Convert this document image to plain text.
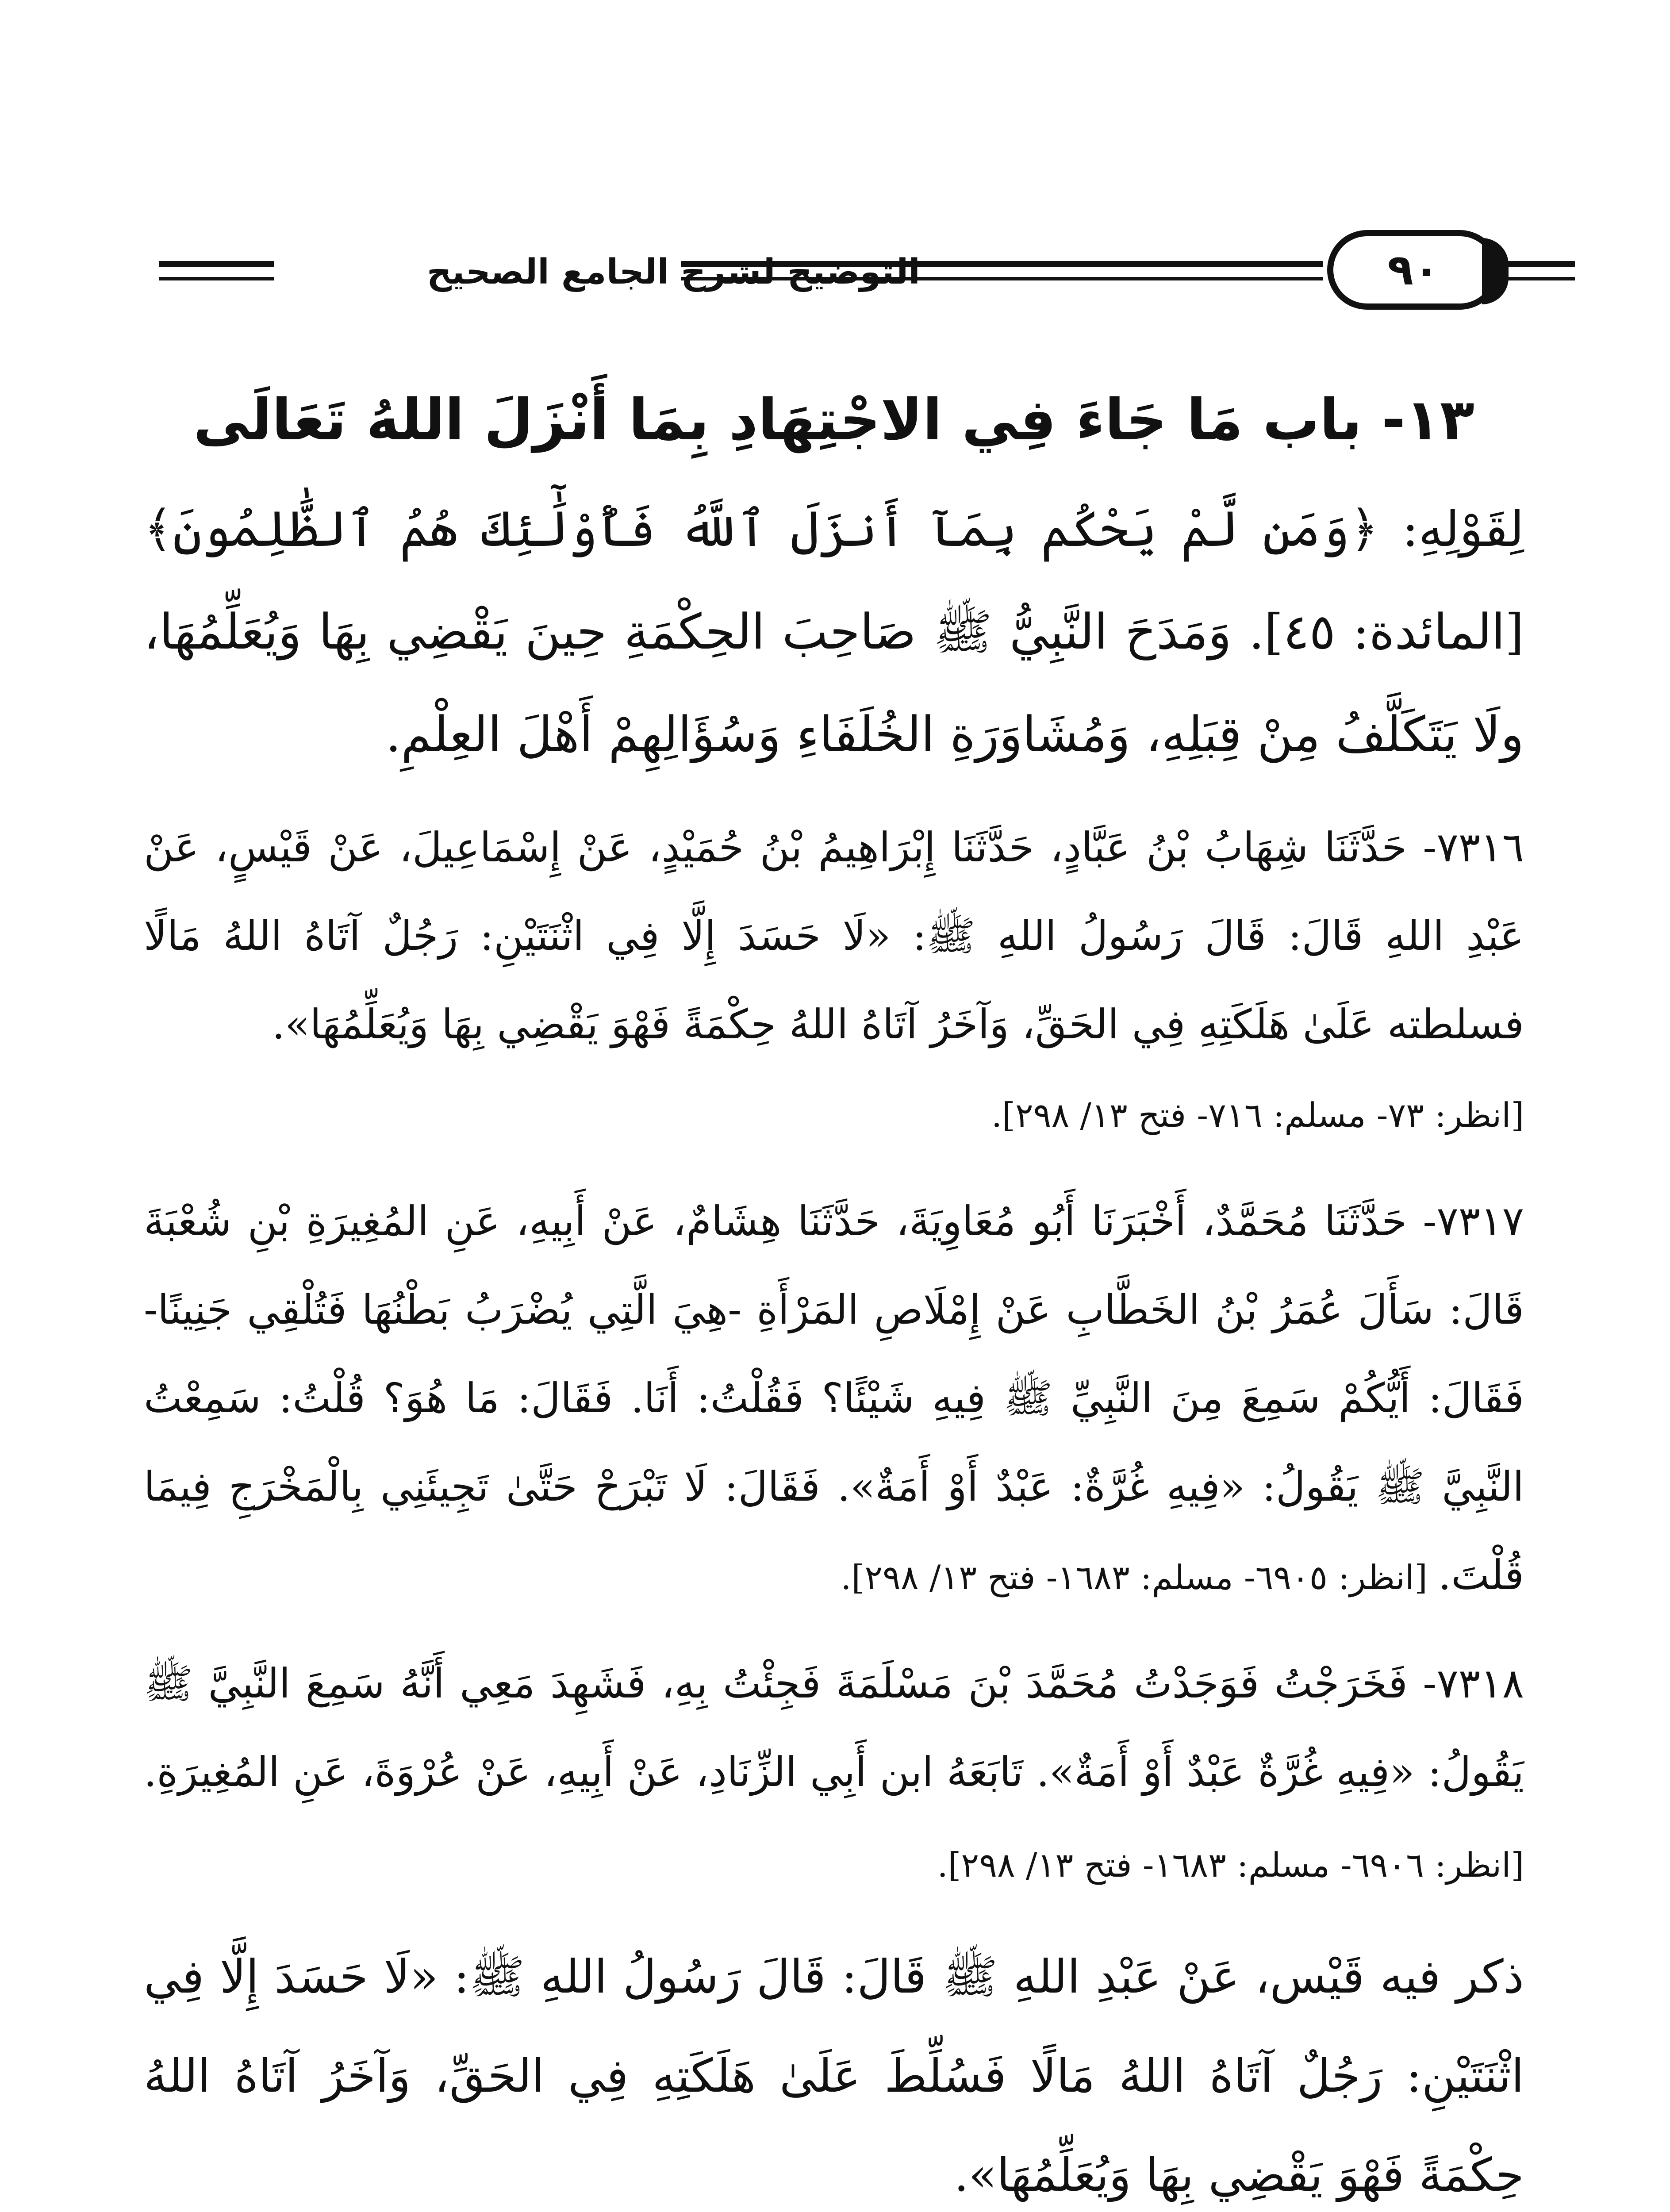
التوضيح لشرح الجامع الصحيح	٩٠
١٣- باب مَا جَاءَ فِي الاجْتِهَادِ بِمَا أَنْزَلَ اللهُ تَعَالَى

لِقَوْلِهِ: ﴿وَمَن لَّمْ يَحْكُم بِمَآ أَنزَلَ ٱللَّهُ فَأُوْلَٰٓئِكَ هُمُ ٱلظَّٰلِمُونَ﴾ [المائدة: ٤٥]. وَمَدَحَ النَّبِيُّ ﷺ صَاحِبَ الحِكْمَةِ حِينَ يَقْضِي بِهَا وَيُعَلِّمُهَا، ولَا يَتَكَلَّفُ مِنْ قِبَلِهِ، وَمُشَاوَرَةِ الخُلَفَاءِ وَسُؤَالِهِمْ أَهْلَ العِلْمِ.

٧٣١٦- حَدَّثَنَا شِهَابُ بْنُ عَبَّادٍ، حَدَّثَنَا إِبْرَاهِيمُ بْنُ حُمَيْدٍ، عَنْ إِسْمَاعِيلَ، عَنْ قَيْسٍ، عَنْ عَبْدِ اللهِ قَالَ: قَالَ رَسُولُ اللهِ ﷺ: «لَا حَسَدَ إِلَّا فِي اثْنَتَيْنِ: رَجُلٌ آتَاهُ اللهُ مَالًا فسلطته عَلَىٰ هَلَكَتِهِ فِي الحَقِّ، وَآخَرُ آتَاهُ اللهُ حِكْمَةً فَهْوَ يَقْضِي بِهَا وَيُعَلِّمُهَا».
[انظر: ٧٣- مسلم: ٧١٦- فتح ١٣/ ٢٩٨].

٧٣١٧- حَدَّثَنَا مُحَمَّدٌ، أَخْبَرَنَا أَبُو مُعَاوِيَةَ، حَدَّثَنَا هِشَامٌ، عَنْ أَبِيهِ، عَنِ المُغِيرَةِ بْنِ شُعْبَةَ قَالَ: سَأَلَ عُمَرُ بْنُ الخَطَّابِ عَنْ إِمْلَاصِ المَرْأَةِ -هِيَ الَّتِي يُضْرَبُ بَطْنُهَا فَتُلْقِي جَنِينًا- فَقَالَ: أَيُّكُمْ سَمِعَ مِنَ النَّبِيِّ ﷺ فِيهِ شَيْئًا؟ فَقُلْتُ: أَنَا. فَقَالَ: مَا هُوَ؟ قُلْتُ: سَمِعْتُ النَّبِيَّ ﷺ يَقُولُ: «فِيهِ غُرَّةٌ: عَبْدٌ أَوْ أَمَةٌ». فَقَالَ: لَا تَبْرَحْ حَتَّىٰ تَجِيئَنِي بِالْمَخْرَجِ فِيمَا قُلْتَ. [انظر: ٦٩٠٥- مسلم: ١٦٨٣- فتح ١٣/ ٢٩٨].

٧٣١٨- فَخَرَجْتُ فَوَجَدْتُ مُحَمَّدَ بْنَ مَسْلَمَةَ فَجِئْتُ بِهِ، فَشَهِدَ مَعِي أَنَّهُ سَمِعَ النَّبِيَّ ﷺ يَقُولُ: «فِيهِ غُرَّةٌ عَبْدٌ أَوْ أَمَةٌ». تَابَعَهُ ابن أَبِي الزِّنَادِ، عَنْ أَبِيهِ، عَنْ عُرْوَةَ، عَنِ المُغِيرَةِ. [انظر: ٦٩٠٦- مسلم: ١٦٨٣- فتح ١٣/ ٢٩٨].

ذكر فيه قَيْس، عَنْ عَبْدِ اللهِ ﷺ قَالَ: قَالَ رَسُولُ اللهِ ﷺ: «لَا حَسَدَ إِلَّا فِي اثْنَتَيْنِ: رَجُلٌ آتَاهُ اللهُ مَالًا فَسُلِّطَ عَلَىٰ هَلَكَتِهِ فِي الحَقِّ، وَآخَرُ آتَاهُ اللهُ حِكْمَةً فَهْوَ يَقْضِي بِهَا وَيُعَلِّمُهَا».
